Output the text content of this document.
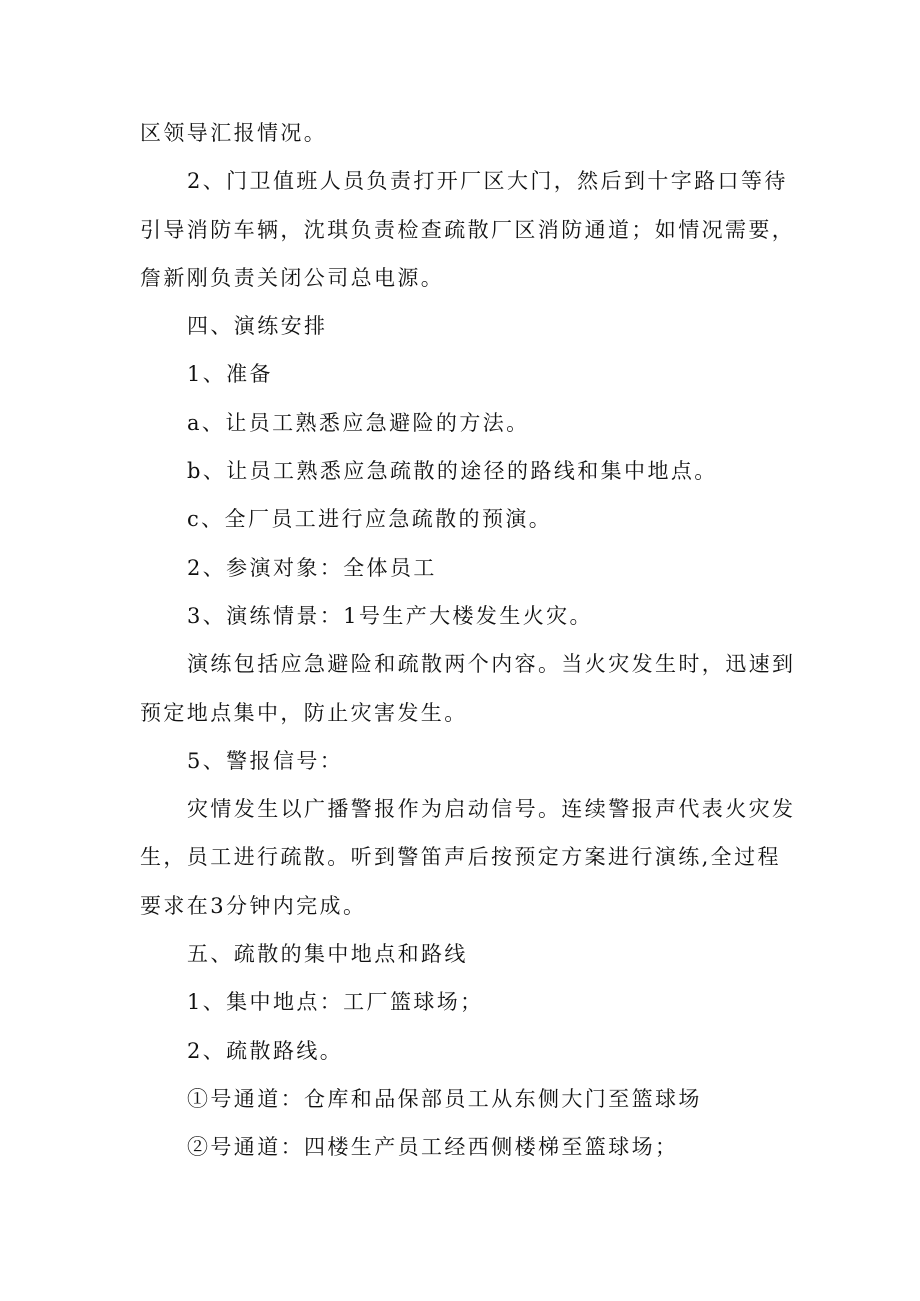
区领导汇报情况。
2、门卫值班人员负责打开厂区大门，然后到十字路口等待
引导消防车辆，沈琪负责检查疏散厂区消防通道；如情况需要，
詹新刚负责关闭公司总电源。
四、演练安排
1、准备
a、让员工熟悉应急避险的方法。
b、让员工熟悉应急疏散的途径的路线和集中地点。
c、全厂员工进行应急疏散的预演。
2、参演对象：全体员工
3、演练情景：1号生产大楼发生火灾。
演练包括应急避险和疏散两个内容。当火灾发生时，迅速到
预定地点集中，防止灾害发生。
5、警报信号：
灾情发生以广播警报作为启动信号。连续警报声代表火灾发
生，员工进行疏散。听到警笛声后按预定方案进行演练,全过程
要求在3分钟内完成。
五、疏散的集中地点和路线
1、集中地点：工厂篮球场；
2、疏散路线。
①号通道：仓库和品保部员工从东侧大门至篮球场
②号通道：四楼生产员工经西侧楼梯至篮球场；
